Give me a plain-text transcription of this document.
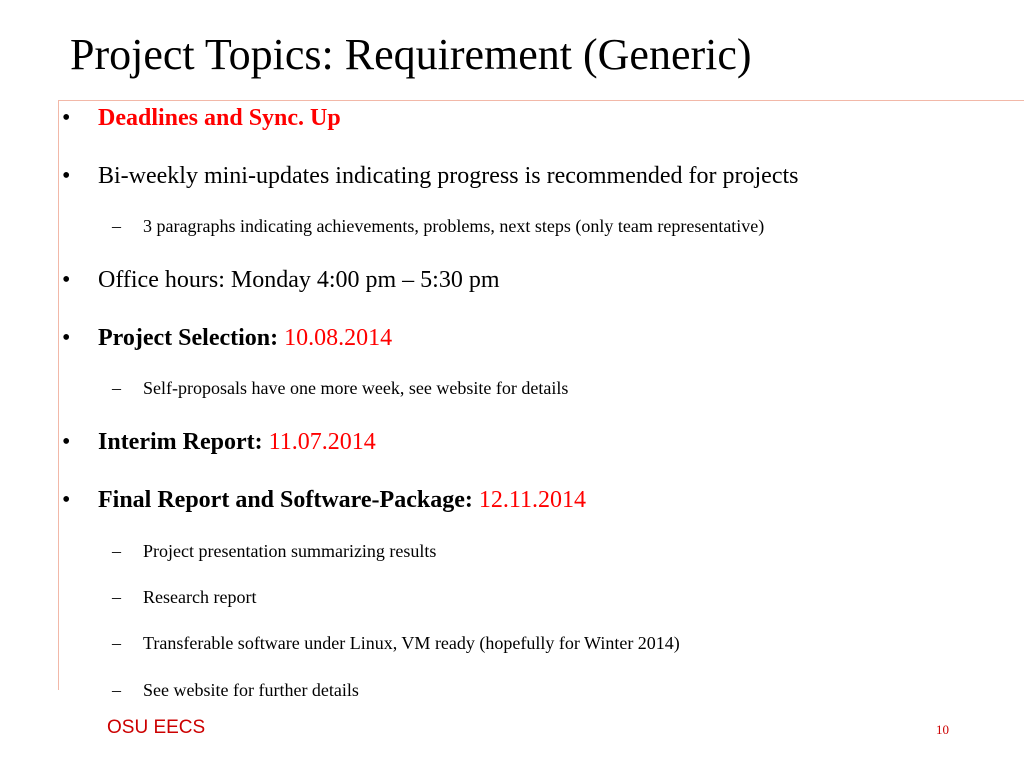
Project Topics: Requirement (Generic)
•	Deadlines and Sync. Up
•	Bi-weekly mini-updates indicating progress is recommended for projects
– 3 paragraphs indicating achievements, problems, next steps (only team representative)
•	Office hours: Monday 4:00 pm – 5:30 pm
•	Project Selection: 10.08.2014
– Self-proposals have one more week, see website for details
•	Interim Report: 11.07.2014
•	Final Report and Software-Package: 12.11.2014
– Project presentation summarizing results
– Research report
– Transferable software under Linux, VM ready (hopefully for Winter 2014)
– See website for further details
OSU EECS	10
